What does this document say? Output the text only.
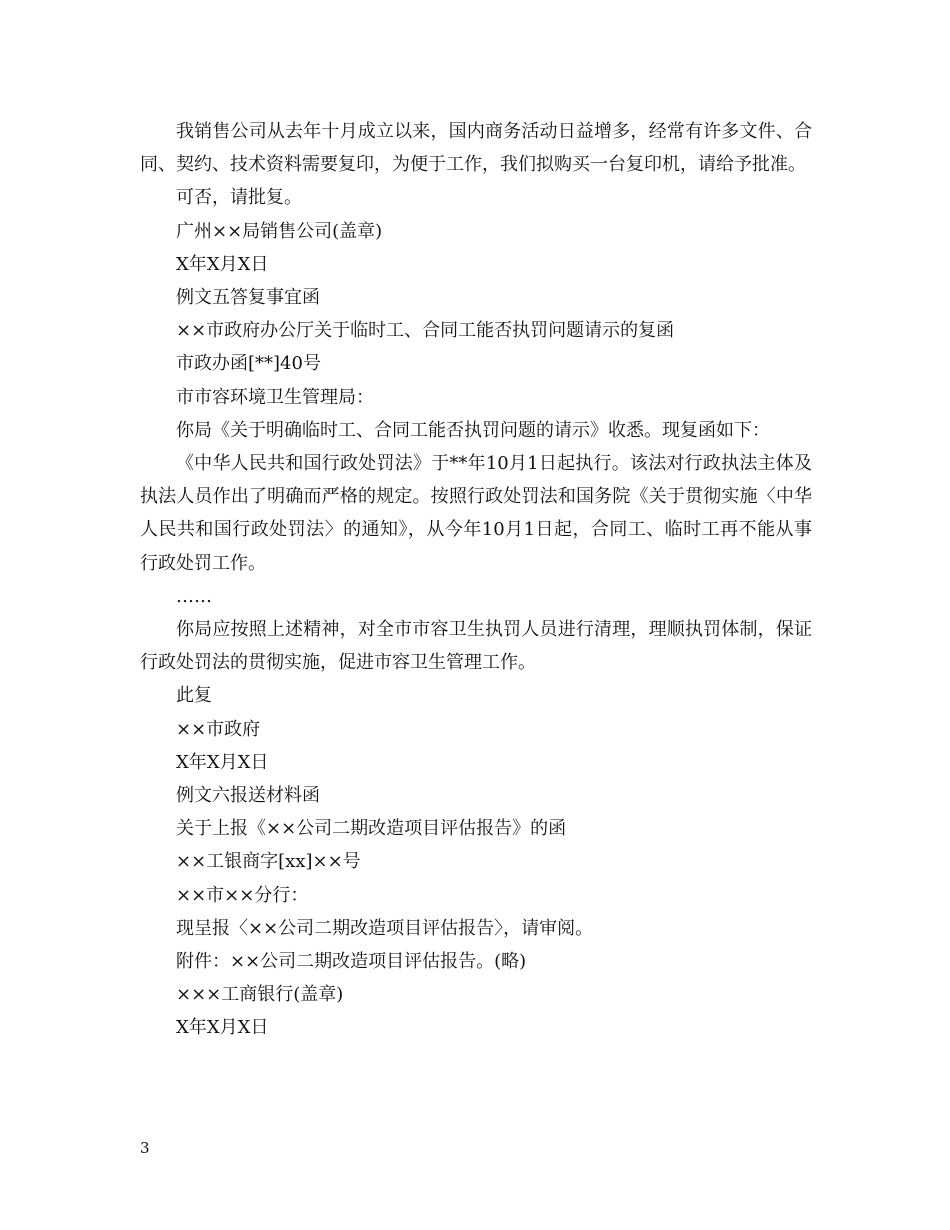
我销售公司从去年十月成立以来，国内商务活动日益增多，经常有许多文件、合同、契约、技术资料需要复印，为便于工作，我们拟购买一台复印机，请给予批准。

可否，请批复。

广州××局销售公司(盖章)

X年X月X日

例文五答复事宜函

××市政府办公厅关于临时工、合同工能否执罚问题请示的复函

市政办函[**]40号

市市容环境卫生管理局：

你局《关于明确临时工、合同工能否执罚问题的请示》收悉。现复函如下：

《中华人民共和国行政处罚法》于**年10月1日起执行。该法对行政执法主体及执法人员作出了明确而严格的规定。按照行政处罚法和国务院《关于贯彻实施〈中华人民共和国行政处罚法〉的通知》，从今年10月1日起，合同工、临时工再不能从事行政处罚工作。

……

你局应按照上述精神，对全市市容卫生执罚人员进行清理，理顺执罚体制，保证行政处罚法的贯彻实施，促进市容卫生管理工作。

此复

××市政府

X年X月X日

例文六报送材料函

关于上报《××公司二期改造项目评估报告》的函

××工银商字[xx]××号

××市××分行：

现呈报〈××公司二期改造项目评估报告〉，请审阅。

附件：××公司二期改造项目评估报告。(略)

×××工商银行(盖章)

X年X月X日

3
